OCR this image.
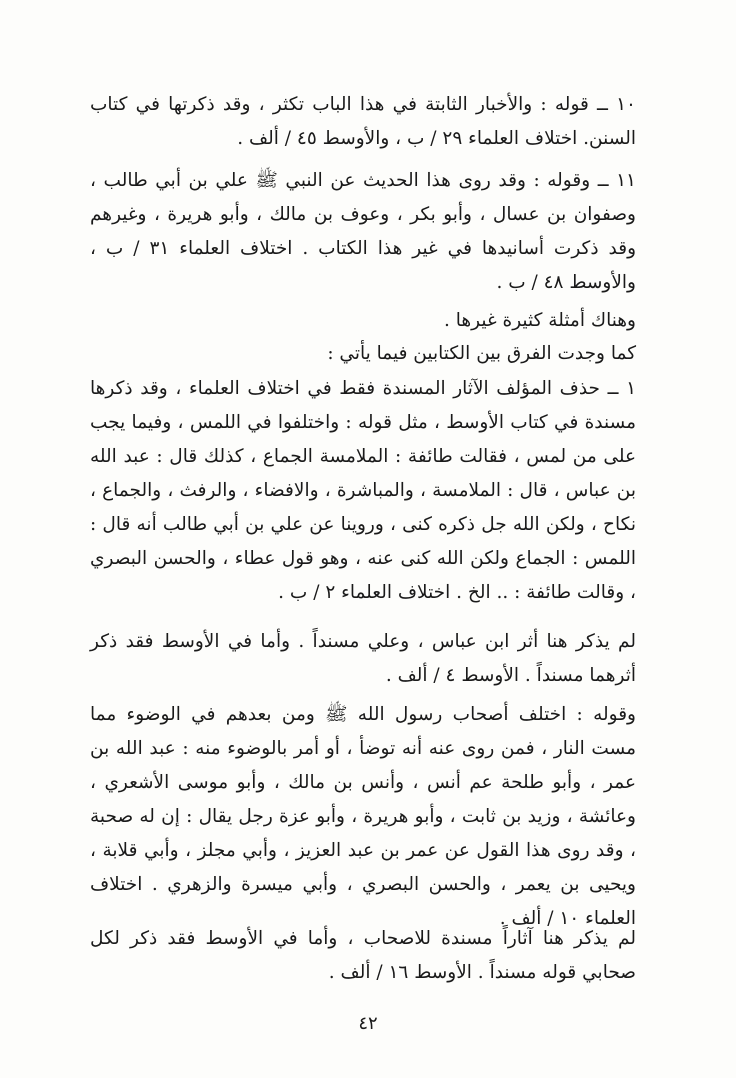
١٠ ــ قوله : والأخبار الثابتة في هذا الباب تكثر ، وقد ذكرتها في كتاب السنن. اختلاف العلماء ٢٩ / ب ، والأوسط ٤٥ / ألف .

١١ ــ وقوله : وقد روى هذا الحديث عن النبي ﷺ علي بن أبي طالب ، وصفوان بن عسال ، وأبو بكر ، وعوف بن مالك ، وأبو هريرة ، وغيرهم وقد ذكرت أسانيدها في غير هذا الكتاب . اختلاف العلماء ٣١ / ب ، والأوسط ٤٨ / ب .

وهناك أمثلة كثيرة غيرها .

كما وجدت الفرق بين الكتابين فيما يأتي :

١ ــ حذف المؤلف الآثار المسندة فقط في اختلاف العلماء ، وقد ذكرها مسندة في كتاب الأوسط ، مثل قوله : واختلفوا في اللمس ، وفيما يجب على من لمس ، فقالت طائفة : الملامسة الجماع ، كذلك قال : عبد الله بن عباس ، قال : الملامسة ، والمباشرة ، والافضاء ، والرفث ، والجماع ، نكاح ، ولكن الله جل ذكره كنى ، وروينا عن علي بن أبي طالب أنه قال : اللمس : الجماع ولكن الله كنى عنه ، وهو قول عطاء ، والحسن البصري ، وقالت طائفة : .. الخ . اختلاف العلماء ٢ / ب .

لم يذكر هنا أثر ابن عباس ، وعلي مسنداً . وأما في الأوسط فقد ذكر أثرهما مسنداً . الأوسط ٤ / ألف .

وقوله : اختلف أصحاب رسول الله ﷺ ومن بعدهم في الوضوء مما مست النار ، فمن روى عنه أنه توضأ ، أو أمر بالوضوء منه : عبد الله بن عمر ، وأبو طلحة عم أنس ، وأنس بن مالك ، وأبو موسى الأشعري ، وعائشة ، وزيد بن ثابت ، وأبو هريرة ، وأبو عزة رجل يقال : إن له صحبة ، وقد روى هذا القول عن عمر بن عبد العزيز ، وأبي مجلز ، وأبي قلابة ، ويحيى بن يعمر ، والحسن البصري ، وأبي ميسرة والزهري . اختلاف العلماء ١٠ / ألف .

لم يذكر هنا آثاراً مسندة للاصحاب ، وأما في الأوسط فقد ذكر لكل صحابي قوله مسنداً . الأوسط ١٦ / ألف .

٤٢
